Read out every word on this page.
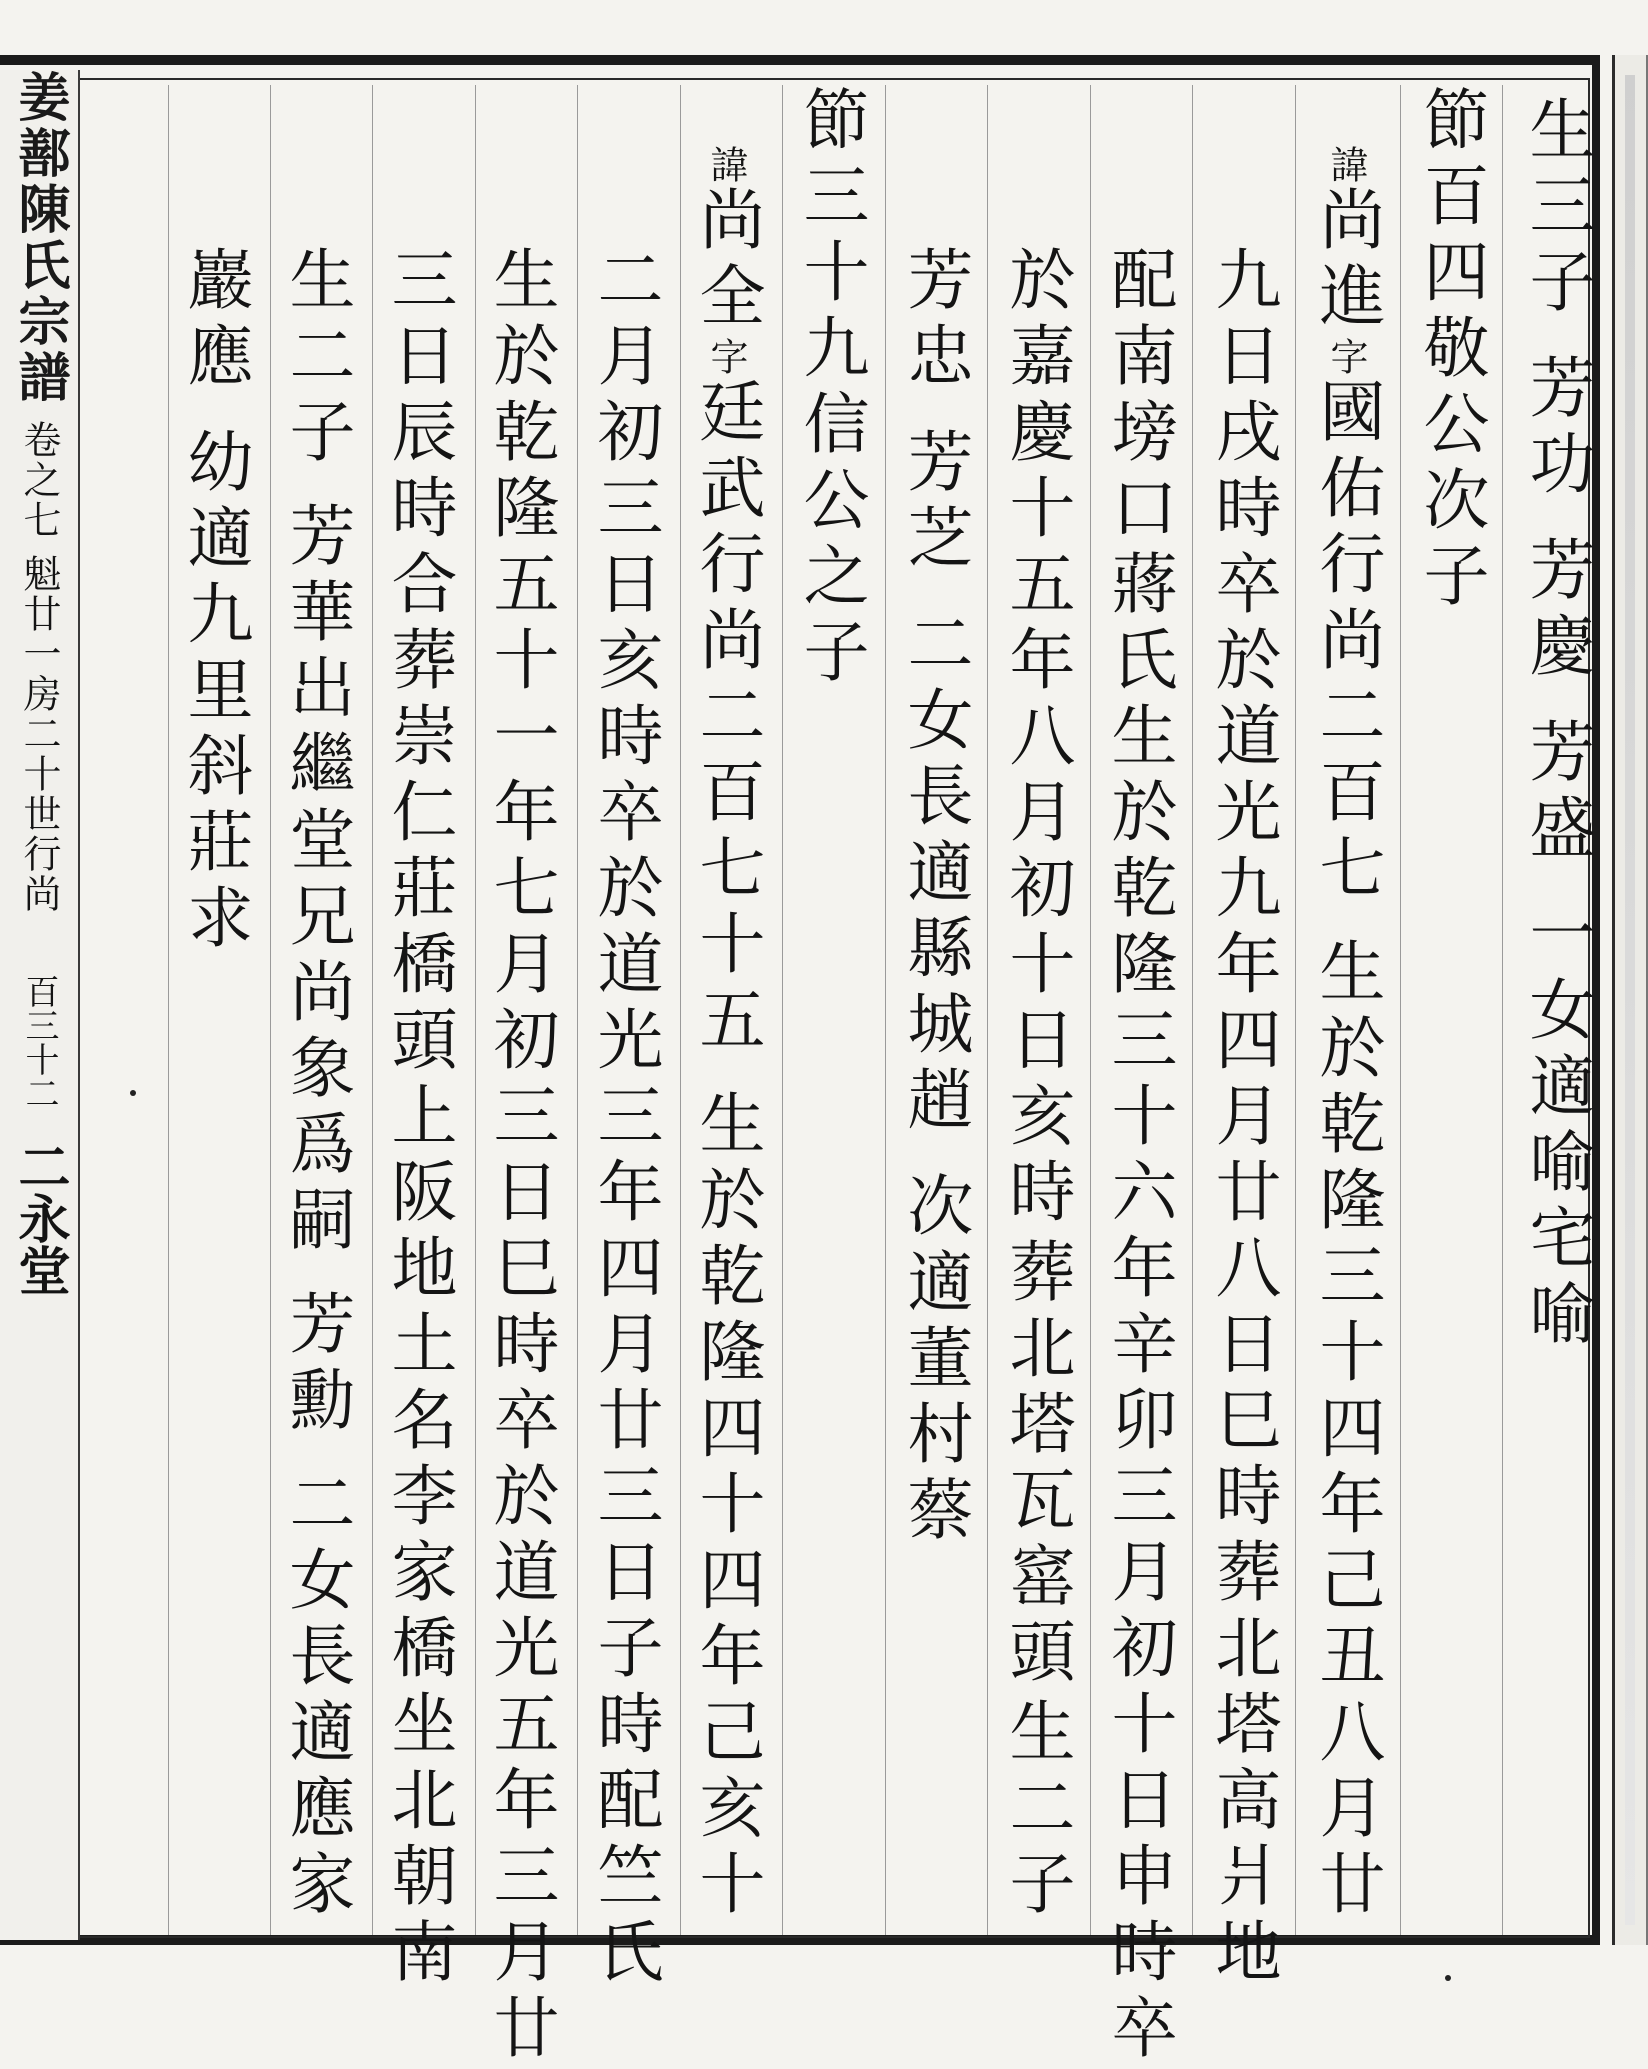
姜鄯陳氏宗譜
卷之七
魁廿一房二十世行尚
百三十二
二永堂
生三子
芳功
芳慶
芳盛
一女適喻宅喻
節百四敬公次子
諱
尚進
字
國佑行尚二百七
生於乾隆三十四年己丑八月廿
九日戌時卒於道光九年四月廿八日巳時
葬北塔高爿地
配南塝口蔣氏生於乾隆三十六年辛卯三月初十日申時卒
於嘉慶十五年八月初十日亥時
葬北塔瓦窰頭
生二子
芳忠
芳芝
二女長適縣城趙
次適董村蔡
節三十九信公之子
諱
尚全
字
廷武行尚二百七十五
生於乾隆四十四年己亥十
二月初三日亥時卒於道光三年四月廿三日子時
配竺氏
生於乾隆五十一年七月初三日巳時卒於道光五年三月廿
三日辰時
合葬崇仁莊橋頭上阪地土名李家橋坐北朝南
生二子
芳華出繼堂兄尚象爲嗣
芳勳
二女長適應家
巖應
幼適九里斜莊求
